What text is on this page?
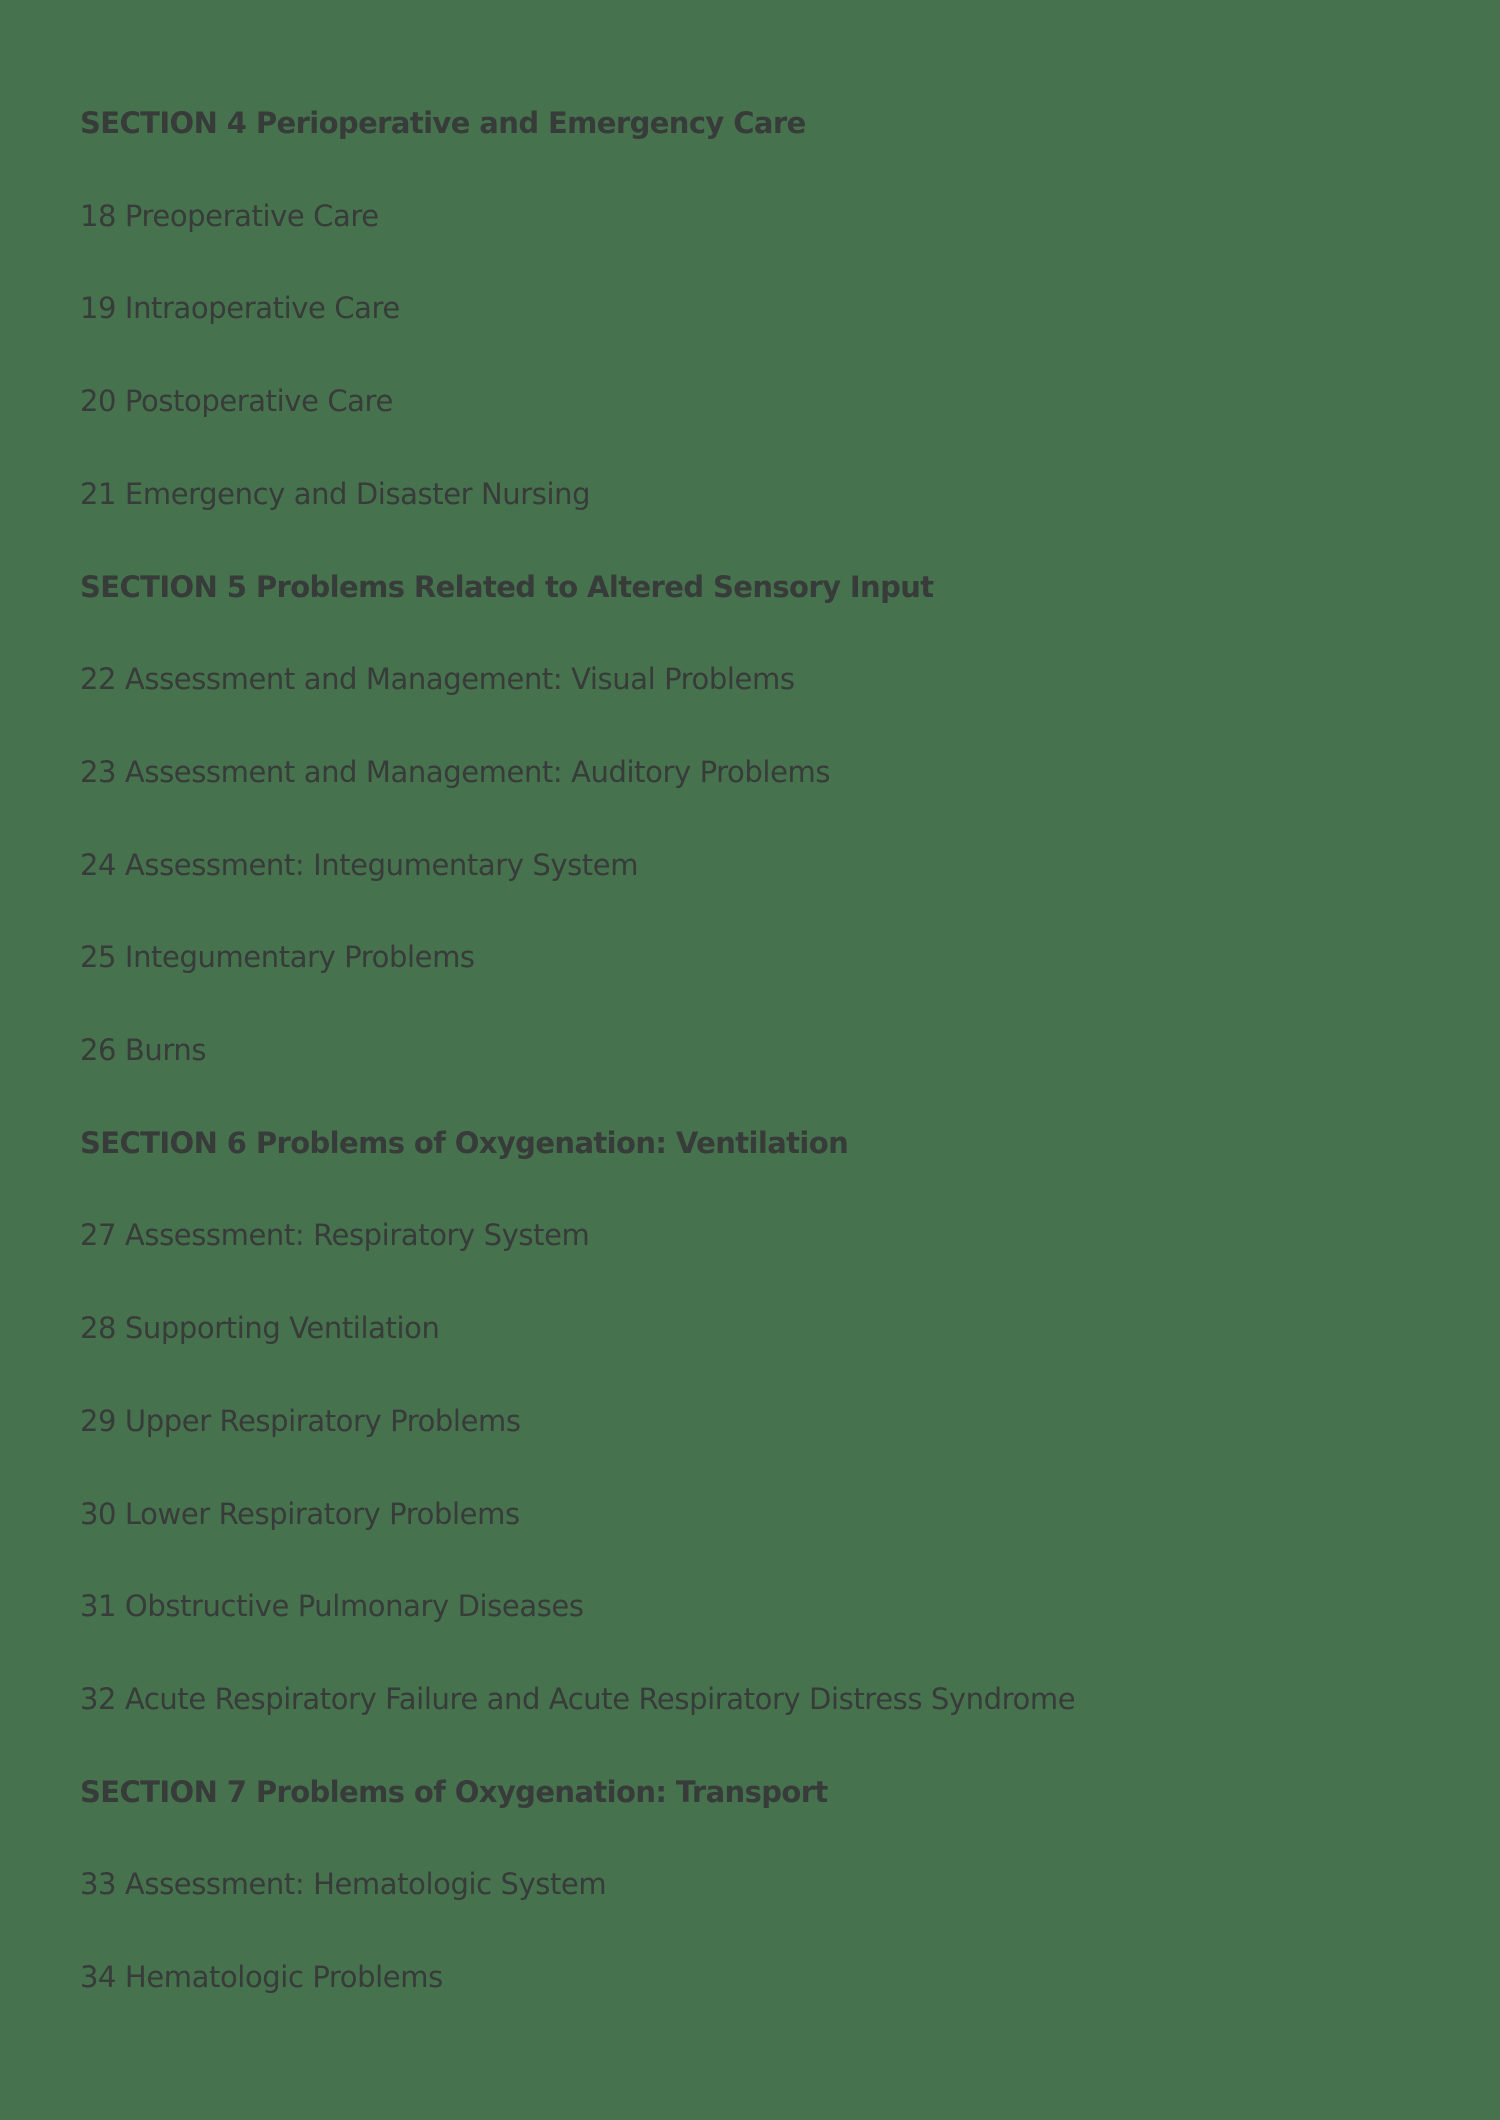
SECTION 4 Perioperative and Emergency Care
18 Preoperative Care
19 Intraoperative Care
20 Postoperative Care
21 Emergency and Disaster Nursing
SECTION 5 Problems Related to Altered Sensory Input
22 Assessment and Management: Visual Problems
23 Assessment and Management: Auditory Problems
24 Assessment: Integumentary System
25 Integumentary Problems
26 Burns
SECTION 6 Problems of Oxygenation: Ventilation
27 Assessment: Respiratory System
28 Supporting Ventilation
29 Upper Respiratory Problems
30 Lower Respiratory Problems
31 Obstructive Pulmonary Diseases
32 Acute Respiratory Failure and Acute Respiratory Distress Syndrome
SECTION 7 Problems of Oxygenation: Transport
33 Assessment: Hematologic System
34 Hematologic Problems
